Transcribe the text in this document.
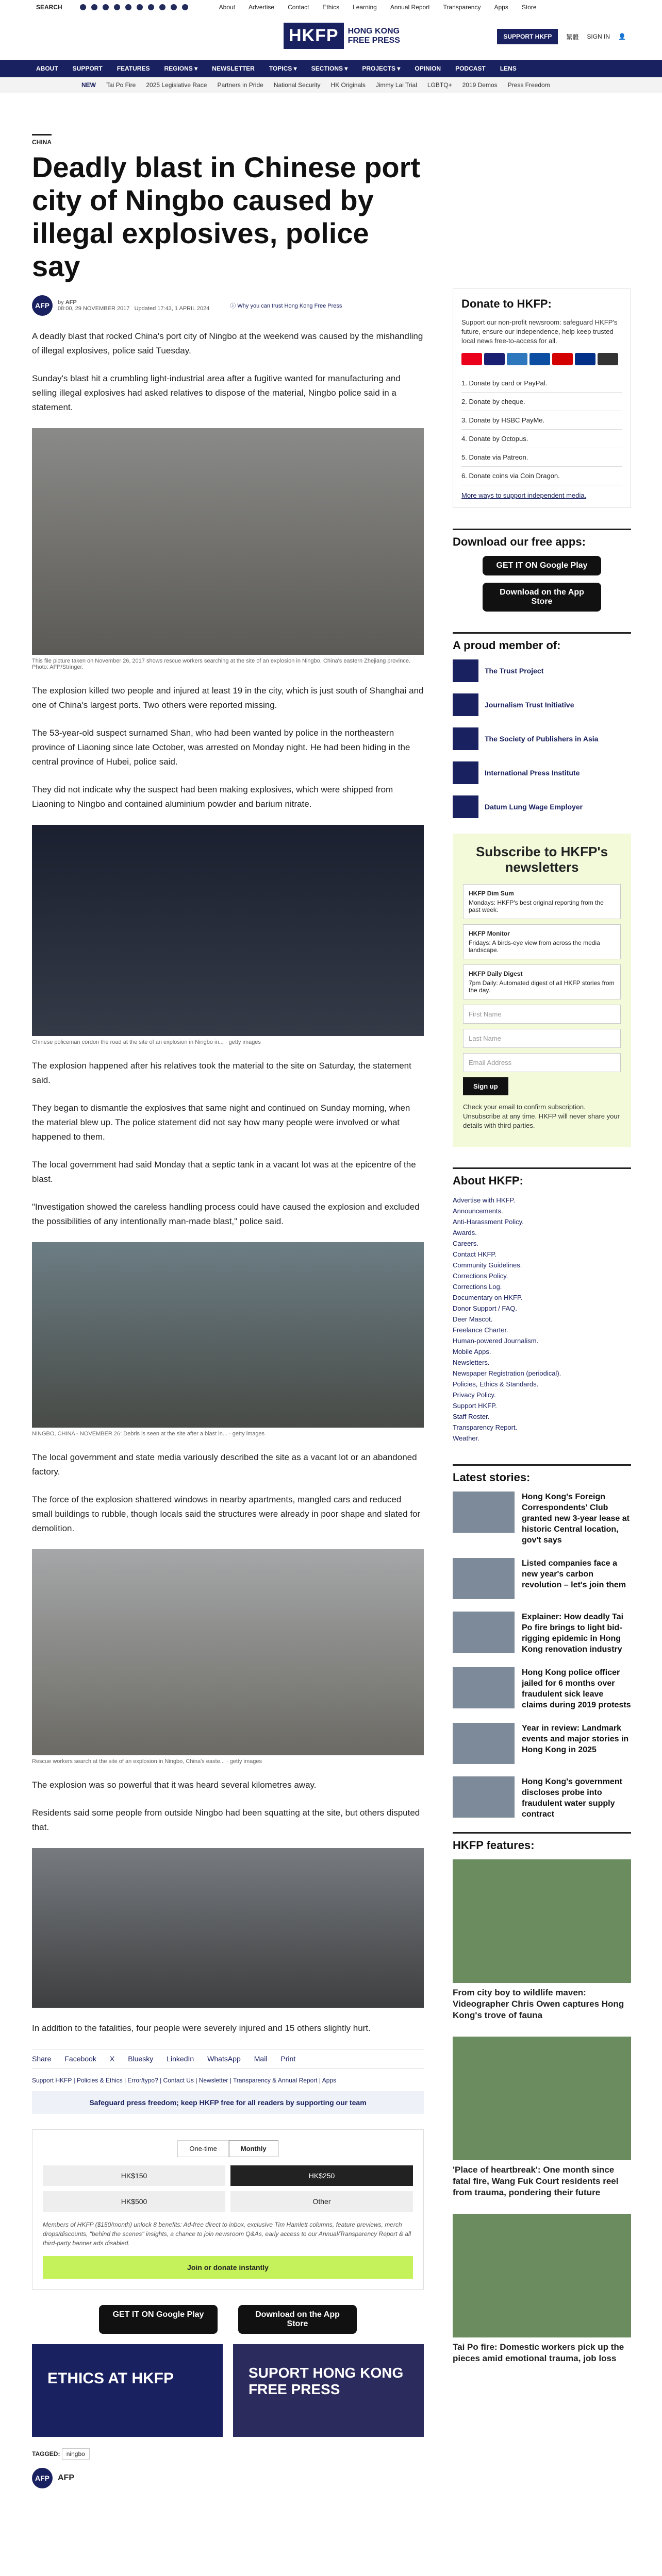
SEARCH	About Advertise Contact Ethics Learning Annual Report Transparency Apps Store
HKFP	HONG KONG
FREE PRESS	SUPPORT HKFP	繁體 SIGN IN 👤
ABOUT SUPPORT FEATURES REGIONS ▾ NEWSLETTER TOPICS ▾ SECTIONS ▾ PROJECTS ▾ OPINION PODCAST LENS
NEW Tai Po Fire 2025 Legislative Race Partners in Pride National Security HK Originals Jimmy Lai Trial LGBTQ+ 2019 Demos Press Freedom
CHINA
Deadly blast in Chinese port city of Ningbo caused by illegal explosives, police say
AFP	by AFP
08:00, 29 NOVEMBER 2017 Updated 17:43, 1 APRIL 2024	ⓘ Why you can trust Hong Kong Free Press

A deadly blast that rocked China's port city of Ningbo at the weekend was caused by the mishandling of illegal explosives, police said Tuesday.

Sunday's blast hit a crumbling light-industrial area after a fugitive wanted for manufacturing and selling illegal explosives had asked relatives to dispose of the material, Ningbo police said in a statement.

This file picture taken on November 26, 2017 shows rescue workers searching at the site of an explosion in Ningbo, China's eastern Zhejiang province. Photo: AFP/Stringer.

The explosion killed two people and injured at least 19 in the city, which is just south of Shanghai and one of China's largest ports. Two others were reported missing.

The 53-year-old suspect surnamed Shan, who had been wanted by police in the northeastern province of Liaoning since late October, was arrested on Monday night. He had been hiding in the central province of Hubei, police said.

They did not indicate why the suspect had been making explosives, which were shipped from Liaoning to Ningbo and contained aluminium powder and barium nitrate.

Chinese policeman cordon the road at the site of an explosion in Ningbo in... · getty images

The explosion happened after his relatives took the material to the site on Saturday, the statement said.

They began to dismantle the explosives that same night and continued on Sunday morning, when the material blew up. The police statement did not say how many people were involved or what happened to them.

The local government had said Monday that a septic tank in a vacant lot was at the epicentre of the blast.

"Investigation showed the careless handling process could have caused the explosion and excluded the possibilities of any intentionally man-made blast," police said.

NINGBO, CHINA - NOVEMBER 26: Debris is seen at the site after a blast in... · getty images

The local government and state media variously described the site as a vacant lot or an abandoned factory.

The force of the explosion shattered windows in nearby apartments, mangled cars and reduced small buildings to rubble, though locals said the structures were already in poor shape and slated for demolition.

Rescue workers search at the site of an explosion in Ningbo, China's easte... · getty images

The explosion was so powerful that it was heard several kilometres away.

Residents said some people from outside Ningbo had been squatting at the site, but others disputed that.

In addition to the fatalities, four people were severely injured and 15 others slightly hurt.

Share Facebook X Bluesky LinkedIn WhatsApp Mail Print
Support HKFP | Policies & Ethics | Error/typo? | Contact Us | Newsletter | Transparency & Annual Report | Apps
Safeguard press freedom; keep HKFP free for all readers by supporting our team
One-time	Monthly
HK$150	HK$250
HK$500	Other
Members of HKFP ($150/month) unlock 8 benefits: Ad-free direct to inbox, exclusive Tim Hamlett columns, feature previews, merch drops/discounts, "behind the scenes" insights, a chance to join newsroom Q&As, early access to our Annual/Transparency Report & all third-party banner ads disabled.
Join or donate instantly
GET IT ON Google Play	Download on the App Store
ETHICS AT HKFP	SUPORT HONG KONG FREE PRESS
TAGGED: ningbo
AFP	AFP
Donate to HKFP:
Support our non-profit newsroom: safeguard HKFP's future, ensure our independence, help keep trusted local news free-to-access for all.
1. Donate by card or PayPal.
2. Donate by cheque.
3. Donate by HSBC PayMe.
4. Donate by Octopus.
5. Donate via Patreon.
6. Donate coins via Coin Dragon.
More ways to support independent media.
Download our free apps:
GET IT ON Google Play
Download on the App Store
A proud member of:
The Trust Project
Journalism Trust Initiative
The Society of Publishers in Asia
International Press Institute
Datum Lung Wage Employer
Subscribe to HKFP's newsletters
HKFP Dim Sum
Mondays: HKFP's best original reporting from the past week.
HKFP Monitor
Fridays: A birds-eye view from across the media landscape.
HKFP Daily Digest
7pm Daily: Automated digest of all HKFP stories from the day.
First Name
Last Name
Email Address
Sign up
Check your email to confirm subscription. Unsubscribe at any time. HKFP will never share your details with third parties.
About HKFP:
Advertise with HKFP.
Announcements.
Anti-Harassment Policy.
Awards.
Careers.
Contact HKFP.
Community Guidelines.
Corrections Policy.
Corrections Log.
Documentary on HKFP.
Donor Support / FAQ.
Deer Mascot.
Freelance Charter.
Human-powered Journalism.
Mobile Apps.
Newsletters.
Newspaper Registration (periodical).
Policies, Ethics & Standards.
Privacy Policy.
Support HKFP.
Staff Roster.
Transparency Report.
Weather.
Latest stories:
Hong Kong's Foreign Correspondents' Club granted new 3-year lease at historic Central location, gov't says
Listed companies face a new year's carbon revolution – let's join them
Explainer: How deadly Tai Po fire brings to light bid-rigging epidemic in Hong Kong renovation industry
Hong Kong police officer jailed for 6 months over fraudulent sick leave claims during 2019 protests
Year in review: Landmark events and major stories in Hong Kong in 2025
Hong Kong's government discloses probe into fraudulent water supply contract
HKFP features:
From city boy to wildlife maven: Videographer Chris Owen captures Hong Kong's trove of fauna
'Place of heartbreak': One month since fatal fire, Wang Fuk Court residents reel from trauma, pondering their future
Tai Po fire: Domestic workers pick up the pieces amid emotional trauma, job loss
